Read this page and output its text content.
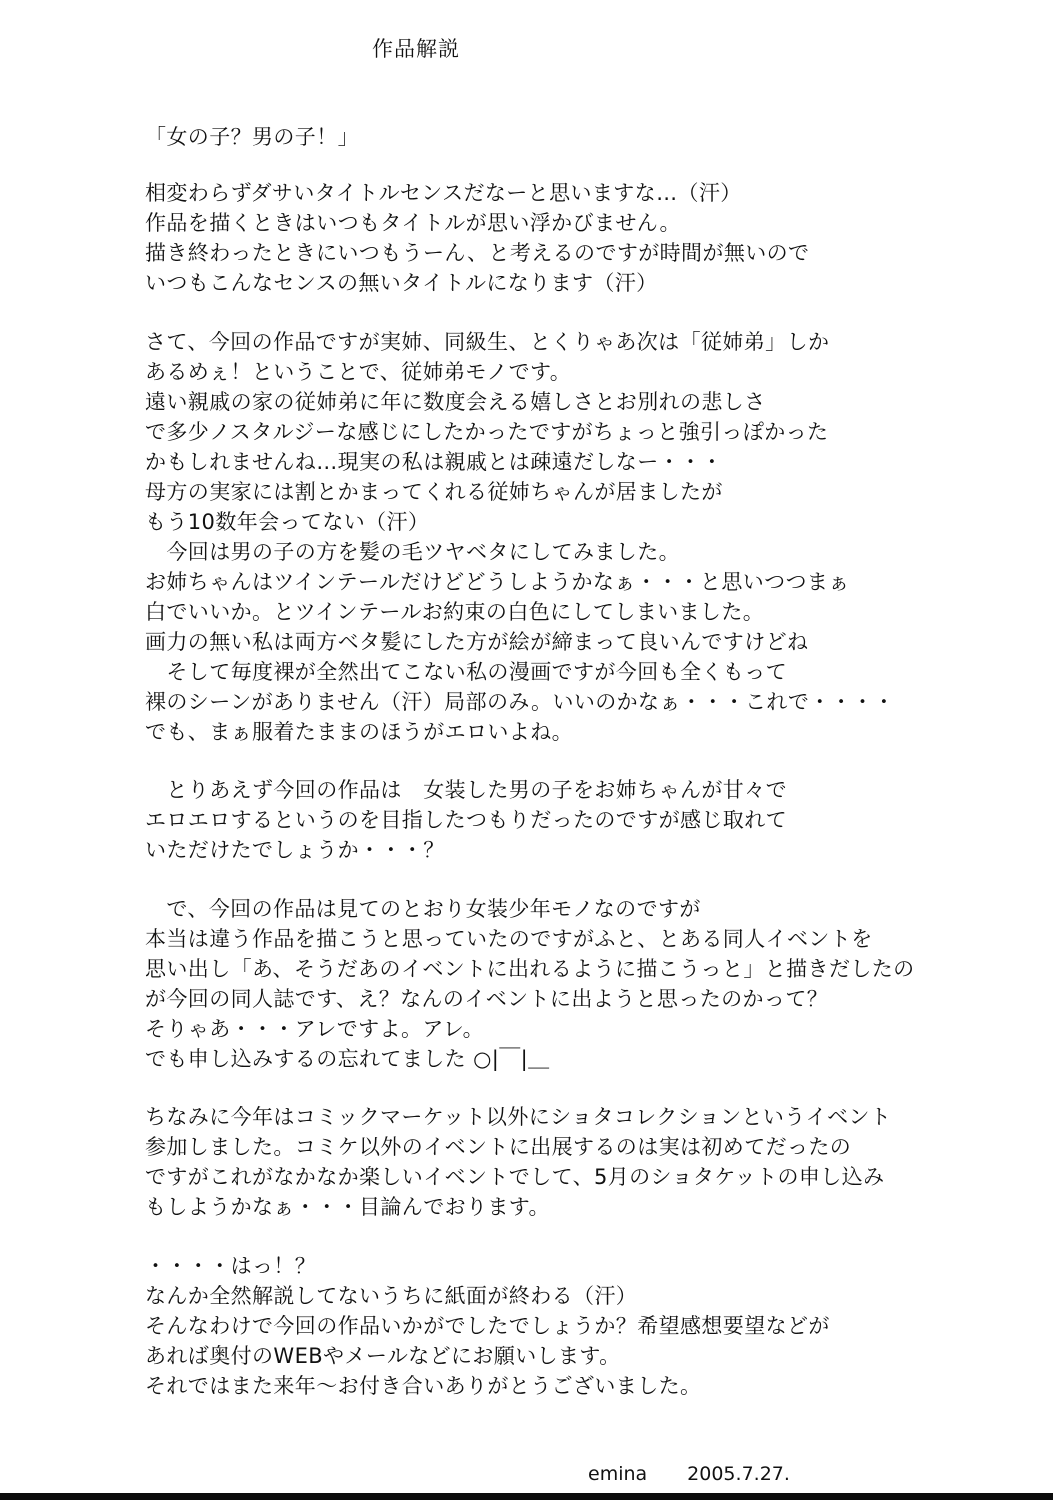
作品解説
「女の子？男の子！」
相変わらずダサいタイトルセンスだなーと思いますな…（汗）
作品を描くときはいつもタイトルが思い浮かびません。
描き終わったときにいつもうーん、と考えるのですが時間が無いので
いつもこんなセンスの無いタイトルになります（汗）
さて、今回の作品ですが実姉、同級生、とくりゃあ次は「従姉弟」しか
あるめぇ！ということで、従姉弟モノです。
遠い親戚の家の従姉弟に年に数度会える嬉しさとお別れの悲しさ
で多少ノスタルジーな感じにしたかったですがちょっと強引っぽかった
かもしれませんね…現実の私は親戚とは疎遠だしなー・・・
母方の実家には割とかまってくれる従姉ちゃんが居ましたが
もう10数年会ってない（汗）
　今回は男の子の方を髪の毛ツヤベタにしてみました。
お姉ちゃんはツインテールだけどどうしようかなぁ・・・と思いつつまぁ
白でいいか。とツインテールお約束の白色にしてしまいました。
画力の無い私は両方ベタ髪にした方が絵が締まって良いんですけどね
　そして毎度裸が全然出てこない私の漫画ですが今回も全くもって
裸のシーンがありません（汗）局部のみ。いいのかなぁ・・・これで・・・・
でも、まぁ服着たままのほうがエロいよね。
　とりあえず今回の作品は　女装した男の子をお姉ちゃんが甘々で
エロエロするというのを目指したつもりだったのですが感じ取れて
いただけたでしょうか・・・？
　で、今回の作品は見てのとおり女装少年モノなのですが
本当は違う作品を描こうと思っていたのですがふと、とある同人イベントを
思い出し「あ、そうだあのイベントに出れるように描こうっと」と描きだしたの
が今回の同人誌です、え？なんのイベントに出ようと思ったのかって？
そりゃあ・・・アレですよ。アレ。
でも申し込みするの忘れてました ○|￣|＿
ちなみに今年はコミックマーケット以外にショタコレクションというイベント
参加しました。コミケ以外のイベントに出展するのは実は初めてだったの
ですがこれがなかなか楽しいイベントでして、5月のショタケットの申し込み
もしようかなぁ・・・目論んでおります。
・・・・はっ！？
なんか全然解説してないうちに紙面が終わる（汗）
そんなわけで今回の作品いかがでしたでしょうか？希望感想要望などが
あれば奥付のWEBやメールなどにお願いします。
それではまた来年〜お付き合いありがとうございました。
emina 2005.7.27.
